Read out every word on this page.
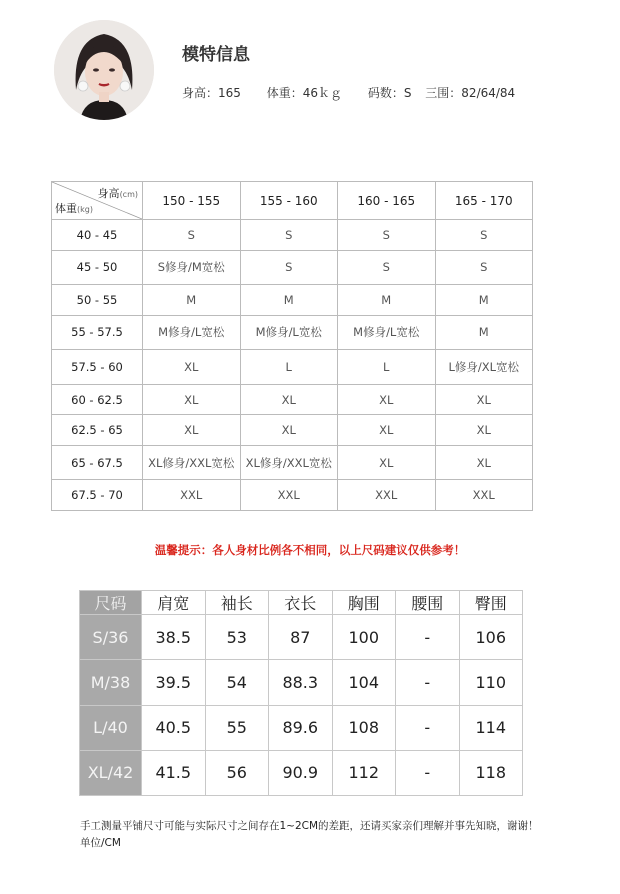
模特信息
身高：165 体重：46ｋｇ 码数：S 三围：82/64/84
身高(cm)
体重(kg)	150 - 155	155 - 160	160 - 165	165 - 170
40 - 45	S	S	S	S
45 - 50	S修身/M宽松	S	S	S
50 - 55	M	M	M	M
55 - 57.5	M修身/L宽松	M修身/L宽松	M修身/L宽松	M
57.5 - 60	XL	L	L	L修身/XL宽松
60 - 62.5	XL	XL	XL	XL
62.5 - 65	XL	XL	XL	XL
65 - 67.5	XL修身/XXL宽松	XL修身/XXL宽松	XL	XL
67.5 - 70	XXL	XXL	XXL	XXL
温馨提示：各人身材比例各不相同，以上尺码建议仅供参考！
尺码	肩宽	袖长	衣长	胸围	腰围	臀围
S/36	38.5	53	87	100	-	106
M/38	39.5	54	88.3	104	-	110
L/40	40.5	55	89.6	108	-	114
XL/42	41.5	56	90.9	112	-	118
手工测量平铺尺寸可能与实际尺寸之间存在1~2CM的差距，还请买家亲们理解并事先知晓，谢谢！单位/CM
